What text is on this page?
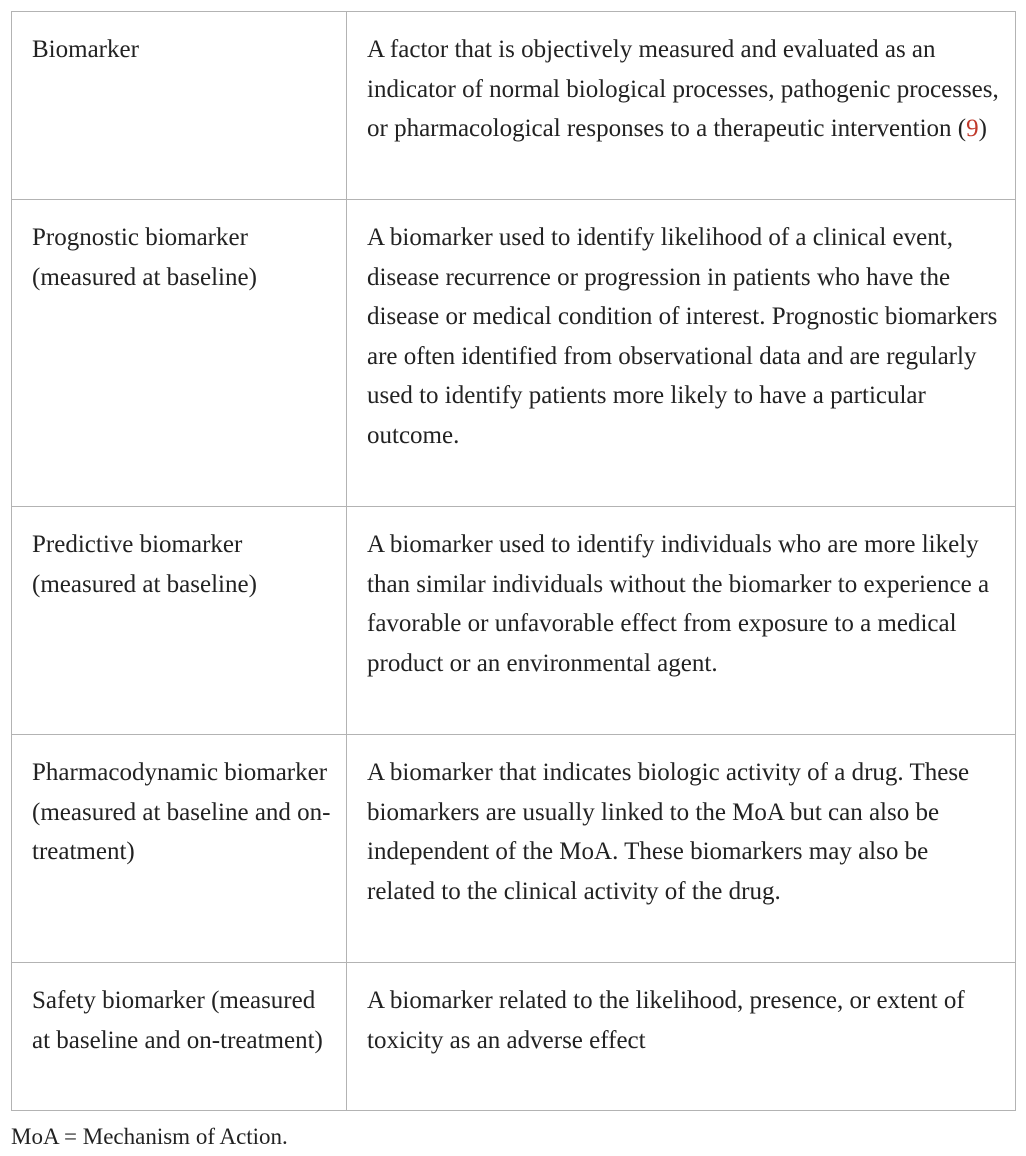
Biomarker	A factor that is objectively measured and evaluated as an indicator of normal biological processes, pathogenic processes, or pharmacological responses to a therapeutic intervention (9)
Prognostic biomarker (measured at baseline)	A biomarker used to identify likelihood of a clinical event, disease recurrence or progression in patients who have the disease or medical condition of interest. Prognostic biomarkers are often identified from observational data and are regularly used to identify patients more likely to have a particular outcome.
Predictive biomarker (measured at baseline)	A biomarker used to identify individuals who are more likely than similar individuals without the biomarker to experience a favorable or unfavorable effect from exposure to a medical product or an environmental agent.
Pharmacodynamic biomarker (measured at baseline and on-treatment)	A biomarker that indicates biologic activity of a drug. These biomarkers are usually linked to the MoA but can also be independent of the MoA. These biomarkers may also be related to the clinical activity of the drug.
Safety biomarker (measured at baseline and on-treatment)	A biomarker related to the likelihood, presence, or extent of toxicity as an adverse effect
MoA = Mechanism of Action.
